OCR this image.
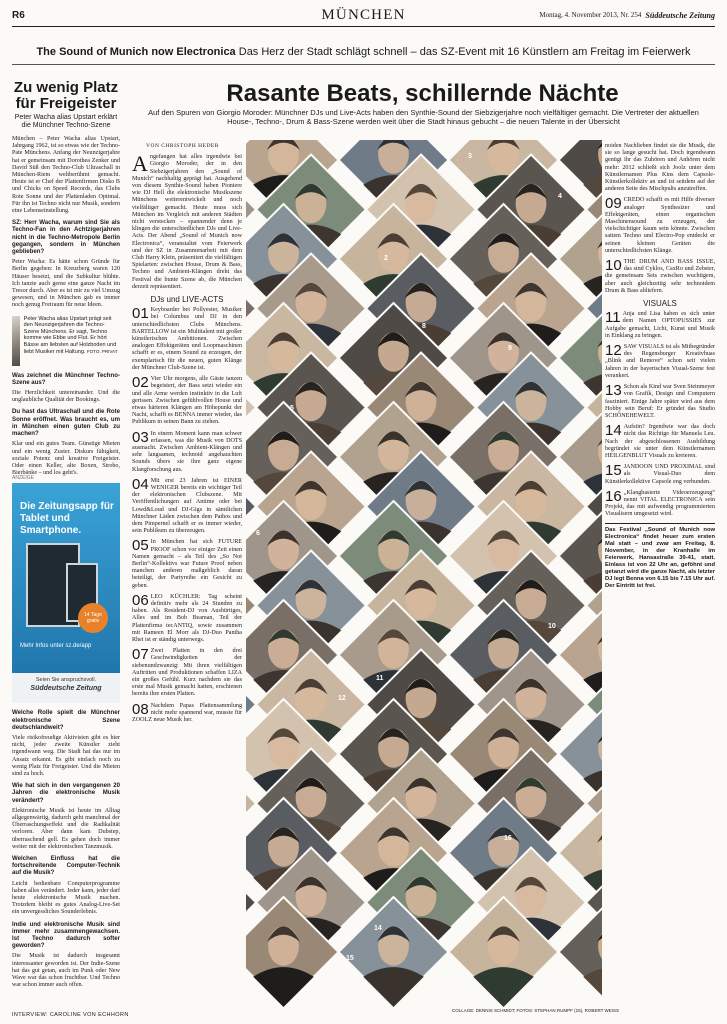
R6	MÜNCHEN	Montag, 4. November 2013, Nr. 254 Süddeutsche Zeitung
The Sound of Munich now Electronica Das Herz der Stadt schlägt schnell – das SZ-Event mit 16 Künstlern am Freitag im Feierwerk
Zu wenig Platz für Freigeister
Peter Wacha alias Upstart erklärt die Münchner Techno-Szene

München – Peter Wacha alias Upstart, Jahrgang 1962, ist so etwas wie der Techno-Pate Münchens. Anfang der Neunzigerjahre hat er gemeinsam mit Dorothea Zenker und David Süß den Techno-Club Ultraschall in München-Riem weltberühmt gemacht. Heute ist er Chef der Plattenfirmen Disko B und Chicks on Speed Records, das Clubs Rote Sonne und der Plattenladen Optimal. Für ihn ist Techno nicht nur Musik, sondern eine Lebenseinstellung.

SZ: Herr Wacha, warum sind Sie als Techno-Fan in den Achtzigerjahren nicht in die Techno-Metropole Berlin gegangen, sondern in München geblieben?

Peter Wacha: Es hätte schon Gründe für Berlin gegeben: In Kreuzberg waren 120 Häuser besetzt, und die Subkultur blühte. Ich tanzte auch gerne eine ganze Nacht im Tresor durch. Aber es ist mir zu viel Umzug gewesen, und in München gab es immer noch genug Freiraum für neue Ideen.

Peter Wacha alias Upstart prägt seit den Neunzigerjahren die Techno-Szene Münchens. Er sagt, Techno komme wie Ebbe und Flut. Er hört Bässe am liebsten auf Holzboden und liebt Musiker mit Haltung. FOTO: PRIVAT

Was zeichnet die Münchner Techno-Szene aus?

Die Herzlichkeit untereinander. Und die unglaubliche Qualität der Bookings.

Du hast das Ultraschall und die Rote Sonne eröffnet. Was braucht es, um in München einen guten Club zu machen?

Klar und ein gutes Team. Günstige Mieten und ein wenig Zuster. Diskurs fähigkeit, soziale Potenz und kreative Freigeister. Oder einen Keller, alte Boxen, Strobo, Bierbänke – und los geht's.

ANZEIGE
Die Zeitungsapp für Tablet und Smartphone.
14 Tage gratis
Mehr Infos unter sz.de/app
Seien Sie anspruchsvoll.
Süddeutsche Zeitung

Welche Rolle spielt die Münchner elektronische Szene deutschlandweit?

Viele risikofreudige Aktivisten gibt es hier nicht, jeder zweite Künstler zieht irgendwann weg. Die Stadt hat das nur im Ansatz erkannt. Es gibt einfach noch zu wenig Platz für Freigeister. Und die Mieten sind zu hoch.

Wie hat sich in den vergangenen 20 Jahren die elektronische Musik verändert?

Elektronische Musik ist heute im Alltag allgegenwärtig, dadurch geht manchmal der Überraschungseffekt und die Radikalität verloren. Aber dann kam Dubstep, überraschend gell. Es gehen doch immer weiter mit der elektronischen Tanzmusik.

Welchen Einfluss hat die fortschreitende Computer-Technik auf die Musik?

Leicht bedienbare Computerprogramme haben alles verändert. Jeder kann, jeder darf heute elektronische Musik machen. Trotzdem bleibt es gutes Analog-Live-Set ein unvergessliches Sounderlebnis.

Indie und elektronische Musik sind immer mehr zusammengewachsen. Ist Techno dadurch softer geworden?

Die Musik ist dadurch insgesamt interessanter geworden ist. Der Indie-Szene hat das gut getan, auch im Punk oder New Wave war das schon fruchtbar. Und Techno war schon immer auch offen.

INTERVIEW: CAROLINE VON ECHHORN
Rasante Beats, schillernde Nächte
Auf den Spuren von Giorgio Moroder: Münchner DJs und Live-Acts haben den Synthie-Sound der Siebzigerjahre noch vielfältiger gemacht. Die Vertreter der aktuellen House-, Techno-, Drum & Bass-Szene werden weit über die Stadt hinaus gebucht – die neuen Talente in der Übersicht
VON CHRISTOPH HEDER

Angefangen hat alles irgendwie bei Giorgio Moroder, der in den Siebzigerjahren den „Sound of Munich“ nachhaltig geprägt hat. Ausgehend von diesem Synthie-Sound haben Pioniere wie DJ Hell die elektronische Musikszene Münchens weiterentwickelt und noch vielfältiger gemacht. Heute muss sich München im Vergleich mit anderen Städten nicht verstecken – spannender denn je klingen die unterschiedlichen DJs und Live-Acts. Der Abend „Sound of Munich now Electronica“, veranstaltet vom Feierwerk und der SZ in Zusammenarbeit mit dem Club Harry Klein, präsentiert die vielfältigen Spielarten: zwischen House, Drum & Bass, Techno und Ambient-Klängen dreht das Festival die bunte Szene ab, die München derzeit repräsentiert.

DJs und LIVE-ACTS

01 Keyboarder bei Pollyester, Musiker bei Columbus und DJ in den unterschiedlichsten Clubs Münchens. BARTELLOW ist ein Multitalent mit großer künstlerischen Ambitionen. Zwischen analogen Effektgeräten und Loopmaschinen schafft er es, einem Sound zu erzeugen, der exemplarisch für die neuen, guten Klänge der Münchner Club-Szene ist.

02 Vier Uhr morgens, alle Gäste tanzen begeistert, der Bass setzt wieder ein und alle Arme werden instinktiv in die Luft gerissen. Zwischen gefühlvollen House und etwas härteren Klängen am Höhepunkt der Nacht, schafft es BENNA immer wieder, das Publikum in seinen Bann zu ziehen.

03 In einem Moment kann man schwer erfassen, was die Musik von DOTS ausmacht. Zwischen Ambient-Klängen und sehr langsamen, technoid angehauchten Sounds übers sie ihre ganz eigene Klangforschung aus.

04 Mit erst 23 Jahren ist EINER WENIGER bereits ein wichtiger Teil der elektronischen Clubszene. Mit Veröffentlichungen auf Antime oder bei Lowd&Loud und DJ-Gigs in sämtlichen Münchner Läden zwischen dem Pathos und dem Pimpernel schafft er es immer wieder, sein Publikum zu überzeugen.

05 In München hat sich FUTURE PROOF schon vor einiger Zeit einen Namen gemacht – als Teil des „So Not Berlin“-Kollektivs war Future Proof neben manchen anderen maßgeblich daran beteiligt, der Partyreihe ein Gesicht zu geben.

06 LEO KÜCHLER: Tag scheint definitiv mehr als 24 Stunden zu haben. Als Resident-DJ von Ausbürtiges, Alles und im Bob Beaman, Teil der Plattenfirma tecANTIQ, sowie zusammen mit Rameen El Morr als DJ-Duo Pantha Rhei ist er ständig unterwegs.

07 Zwei Platten in den drei Geschwindigkeiten der siebenundzwanzig: Mit ihren vielfältigen Auftritten und Produktionen schaffen LIZA ein großes Gefühl. Kurz nachdem sie das erste mal Musik gemacht hatten, erschienen bereits ihre ersten Platten.

08 Nachdem Papas Plattensammlung nicht mehr spannend war, musste für ZOOLZ neue Musik her.

1
2
3
4
5
6
7
8
9
10
11
12
13
14
15
16
COLLAGE: DENNIS SCHMIDT; FOTOS: STEPHAN RUMPF (15), ROBERT WEISS

noiden Nachlieben findet sie die Musik, die sie so lange gesucht hat. Doch irgendwann genügt ihr das Zuhören und Anhören nicht mehr: 2012 schließt sich Joolz unter dem Künstlernamen Plus Kins dem Capsole-Künstlerkollektiv an und ist seitdem auf der anderen Seite des Mischpults anzutreffen.

09 CREDO schafft es mit Hilfe diverser analoger Synthesizer und Effektgeräten, einen organischen Maschinensound zu erzeugen, der vielschichtiger kaum sein könnte. Zwischen sattem Techno und Electro-Pop entdeckt er seinen kleinen Geräten die unterschiedlichsten Klänge.

10 THE DRUM AND BASS ISSUE, das sind Cyklos, CaxRo und Zebster, die gemeinsam Sets zwischen wuchtigem, aber auch gleichzeitig sehr technoidem Drum & Bass abliefern.

VISUALS

11 Anja und Lisa haben es sich unter dem Namen OPTOPUSSIES zur Aufgabe gemacht, Licht, Kunst und Musik in Einklang zu bringen.

12 SAW VISUALS ist als Mitbegründer des Regensburger Kreativhuas „Blink and Remove“ schon seit vielen Jahren in der bayerischen Visual-Szene fest verankert.

13 Schon als Kind war Sven Steinmeyer von Grafik, Design und Computern fasziniert. Einige Jahre später wird aus dem Hobby sein Beruf: Er gründet das Studio SCHÖNEHEWELT.

14 Aufstin? Irgendwie war das doch nicht das Richtige für Manuela Leu. Nach der abgeschlossenen Ausbildung begründet sie unter dem Künstlernamen HEILGENBLUT Visuals zu kreieren.

15 JANDOON UND PROXIMAL sind als Visual-Duo dem Künstlerkollektive Capsole eng verbunden.

16 „Klangbasierte Videoerzeugung“ nennt VITAL ELECTRONICA sein Projekt, das mit aufwendig programmierten Visualisern umgesetzt wird.

Das Festival „Sound of Munich now Electronica“ findet heuer zum ersten Mal statt – und zwar am Freitag, 8. November, in der Kranhalle im Feierwerk, Hansastraße 39-41, statt. Einlass ist von 22 Uhr an, geföhnt und getanzt wird die ganze Nacht, als letzter DJ legt Benna von 6.15 bis 7.15 Uhr auf. Der Eintritt ist frei.
